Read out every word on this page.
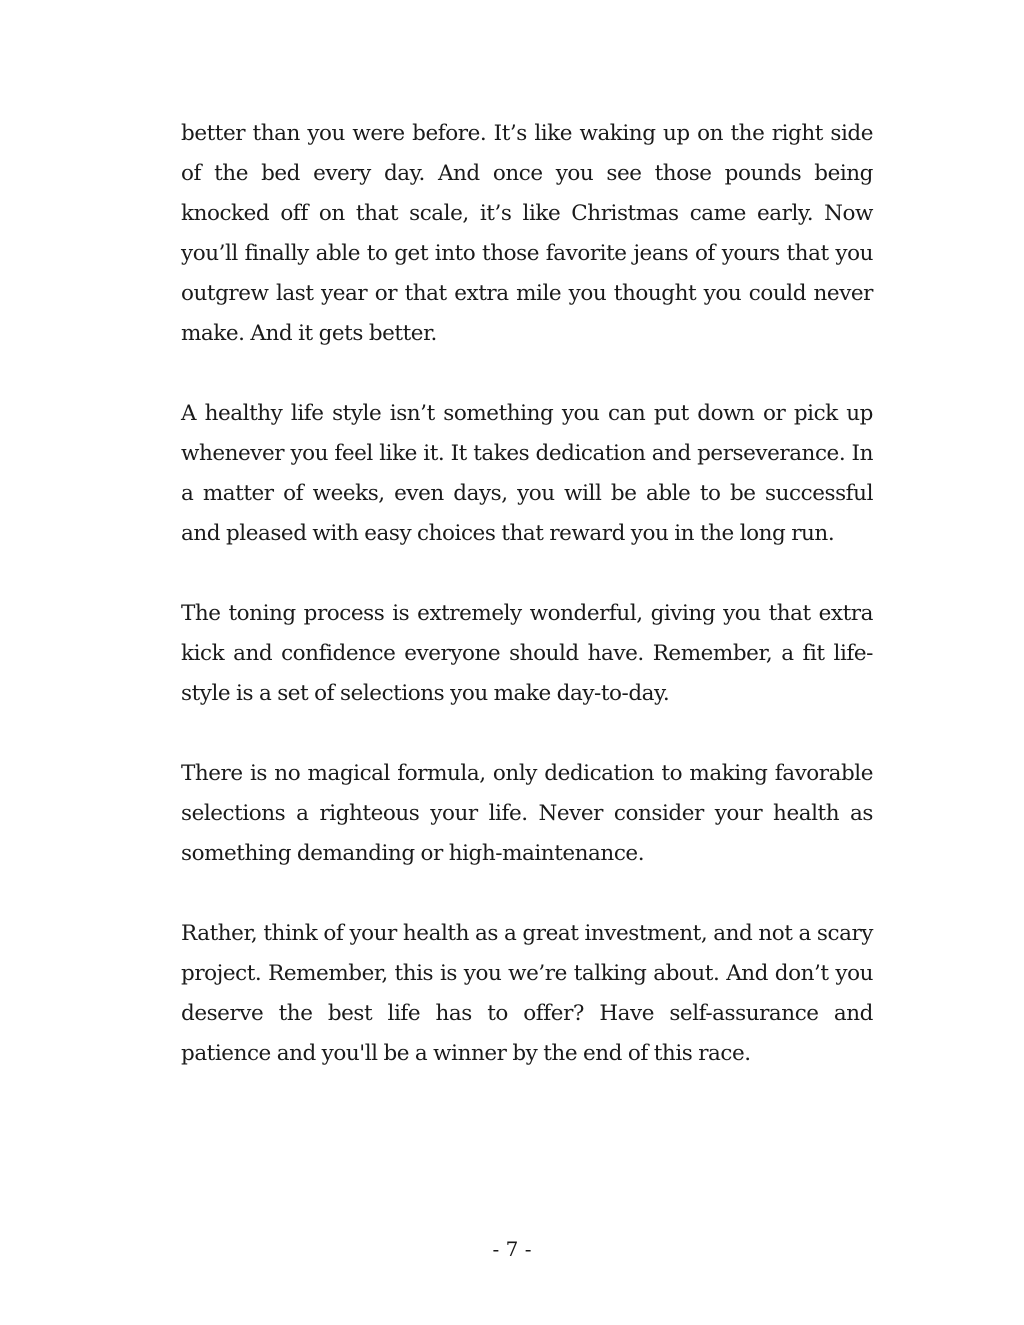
better than you were before. It’s like waking up on the right side of the bed every day. And once you see those pounds being knocked off on that scale, it’s like Christmas came early. Now you’ll finally able to get into those favorite jeans of yours that you outgrew last year or that extra mile you thought you could never make. And it gets better.

A healthy life style isn’t something you can put down or pick up whenever you feel like it. It takes dedication and perseverance. In a matter of weeks, even days, you will be able to be successful and pleased with easy choices that reward you in the long run.

The toning process is extremely wonderful, giving you that extra kick and confidence everyone should have. Remember, a fit life-style is a set of selections you make day-to-day.

There is no magical formula, only dedication to making favorable selections a righteous your life. Never consider your health as something demanding or high-maintenance.

Rather, think of your health as a great investment, and not a scary project. Remember, this is you we’re talking about. And don’t you deserve the best life has to offer? Have self-assurance and patience and you'll be a winner by the end of this race.

- 7 -
